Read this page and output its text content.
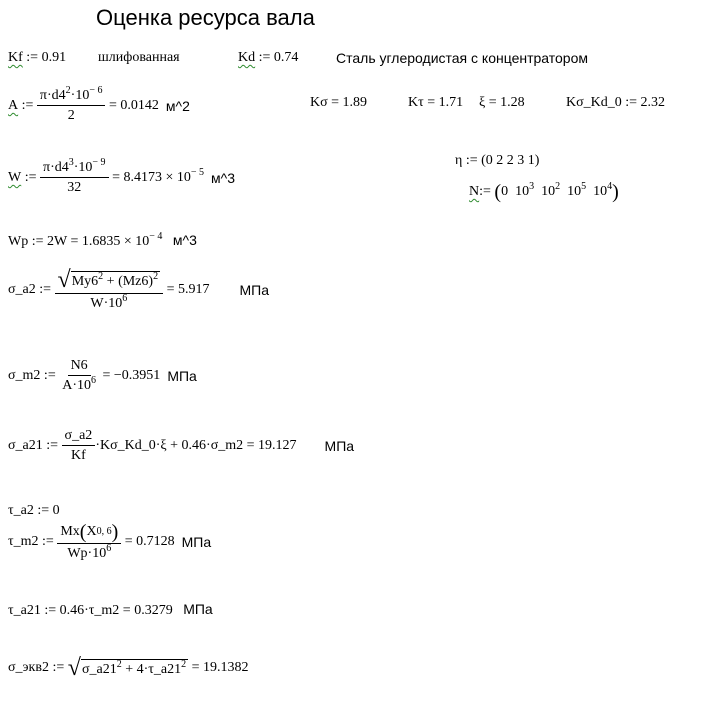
Оценка ресурса вала
Kf := 0.91 шлифованная	Kd := 0.74	Сталь углеродистая с концентратором
Kσ = 1.89	Kτ = 1.71 ξ = 1.28	Kσ_Kd_0 := 2.32
A
:=
$\frac{\pi\cdot d4^2\cdot 10^{- 6}}{2}$
= 0.0142
м^2
η := (0 2 2 3 1)
N :=
( 0
$10^3$
$10^2$
$10^5$
$10^4$ )
W
:=
$\frac{\pi\cdot d4^3\cdot 10^{- 9}}{32}$
= $8.4173 \times 10^{- 5}$
м^3
Wp := $2W = 1.6835 \times 10^{- 4}$ м^3
σ_a2 :=
$\frac{√ My6^2 + (Mz6)^2}{W\cdot 10^6}$
= 5.917 МПа
σ_m2 :=
$\frac{N6}{A\cdot 10^6}$
= −0.3951
МПа
σ_a21 :=
$\frac{\sigma\_a2}{Kf}$ ·Kσ_Kd_0·ξ + 0.46·σ_m2 = 19.127 МПа
τ_a2 := 0
τ_m2 :=
$\frac{Mx ( X 0, 6 )}{Wp\cdot 10^6}$
= 0.7128
МПа
τ_a21 := 0.46·τ_m2 = 0.3279 МПа
σ_экв2 :=
√ $\sigma\_a21^2$ + $4\cdot\tau\_a21^2$
= 19.1382
